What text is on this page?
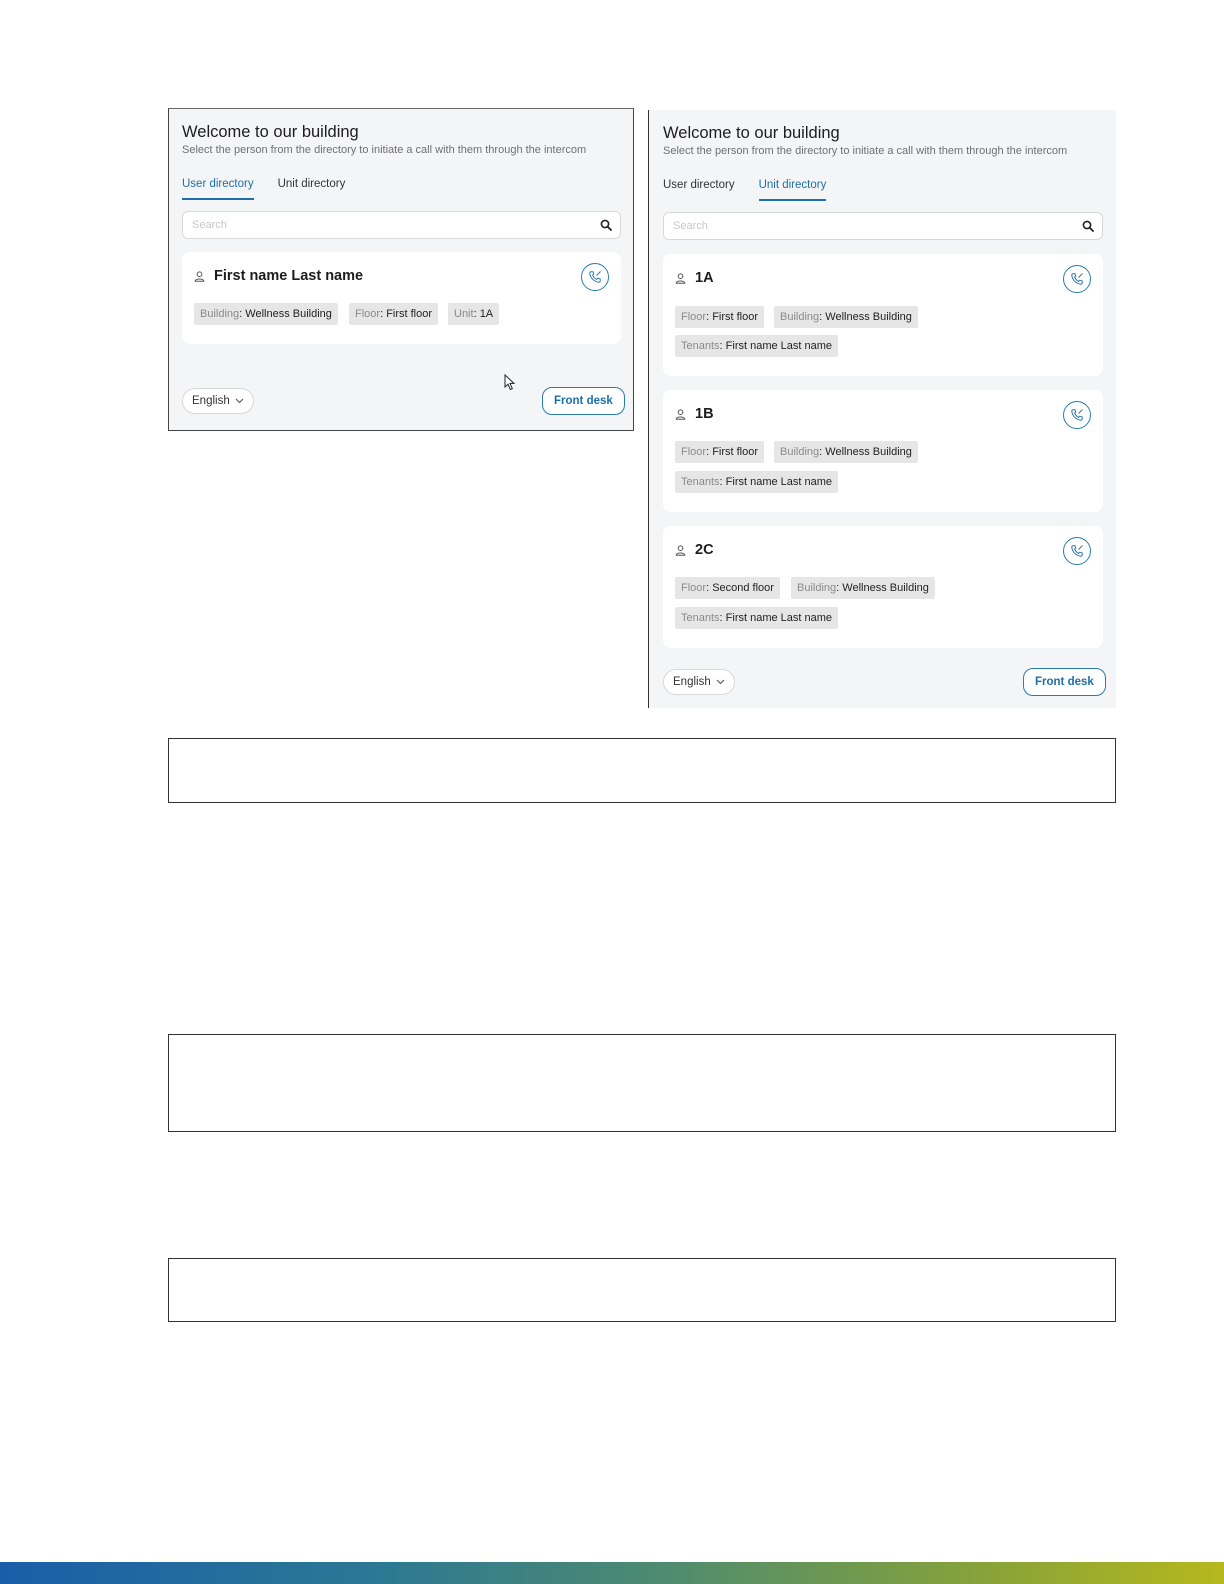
Welcome to our building
Select the person from the directory to initiate a call with them through the intercom
User directory Unit directory
Search
First name Last name
Building: Wellness Building	Floor: First floor	Unit: 1A
English	Front desk
Welcome to our building
Select the person from the directory to initiate a call with them through the intercom
User directory Unit directory
Search
1A
Floor: First floor	Building: Wellness Building
Tenants: First name Last name
1B
Floor: First floor	Building: Wellness Building
Tenants: First name Last name
2C
Floor: Second floor	Building: Wellness Building
Tenants: First name Last name
English	Front desk
